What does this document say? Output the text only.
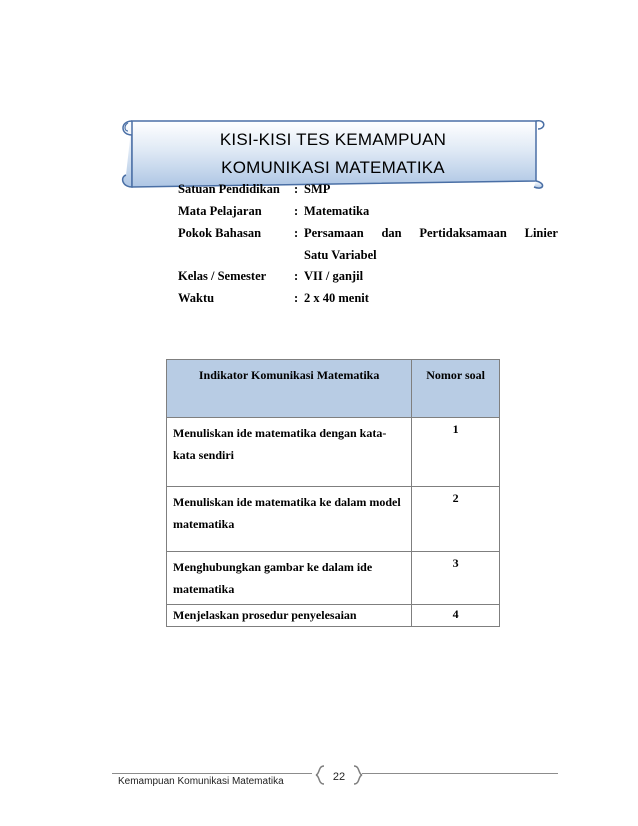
KISI-KISI TES KEMAMPUAN
KOMUNIKASI MATEMATIKA
Satuan Pendidikan : SMP
Mata Pelajaran	: Matematika
Pokok Bahasan	: Persamaan dan Pertidaksamaan Linier
Satu Variabel
Kelas / Semester : VII / ganjil
Waktu	: 2 x 40 menit
Indikator Komunikasi Matematika	Nomor soal

Menuliskan ide matematika dengan kata-
kata sendiri	1

Menuliskan ide matematika ke dalam model
matematika	2

Menghubungkan gambar ke dalam ide
matematika	3

Menjelaskan prosedur penyelesaian	4
22
Kemampuan Komunikasi Matematika
